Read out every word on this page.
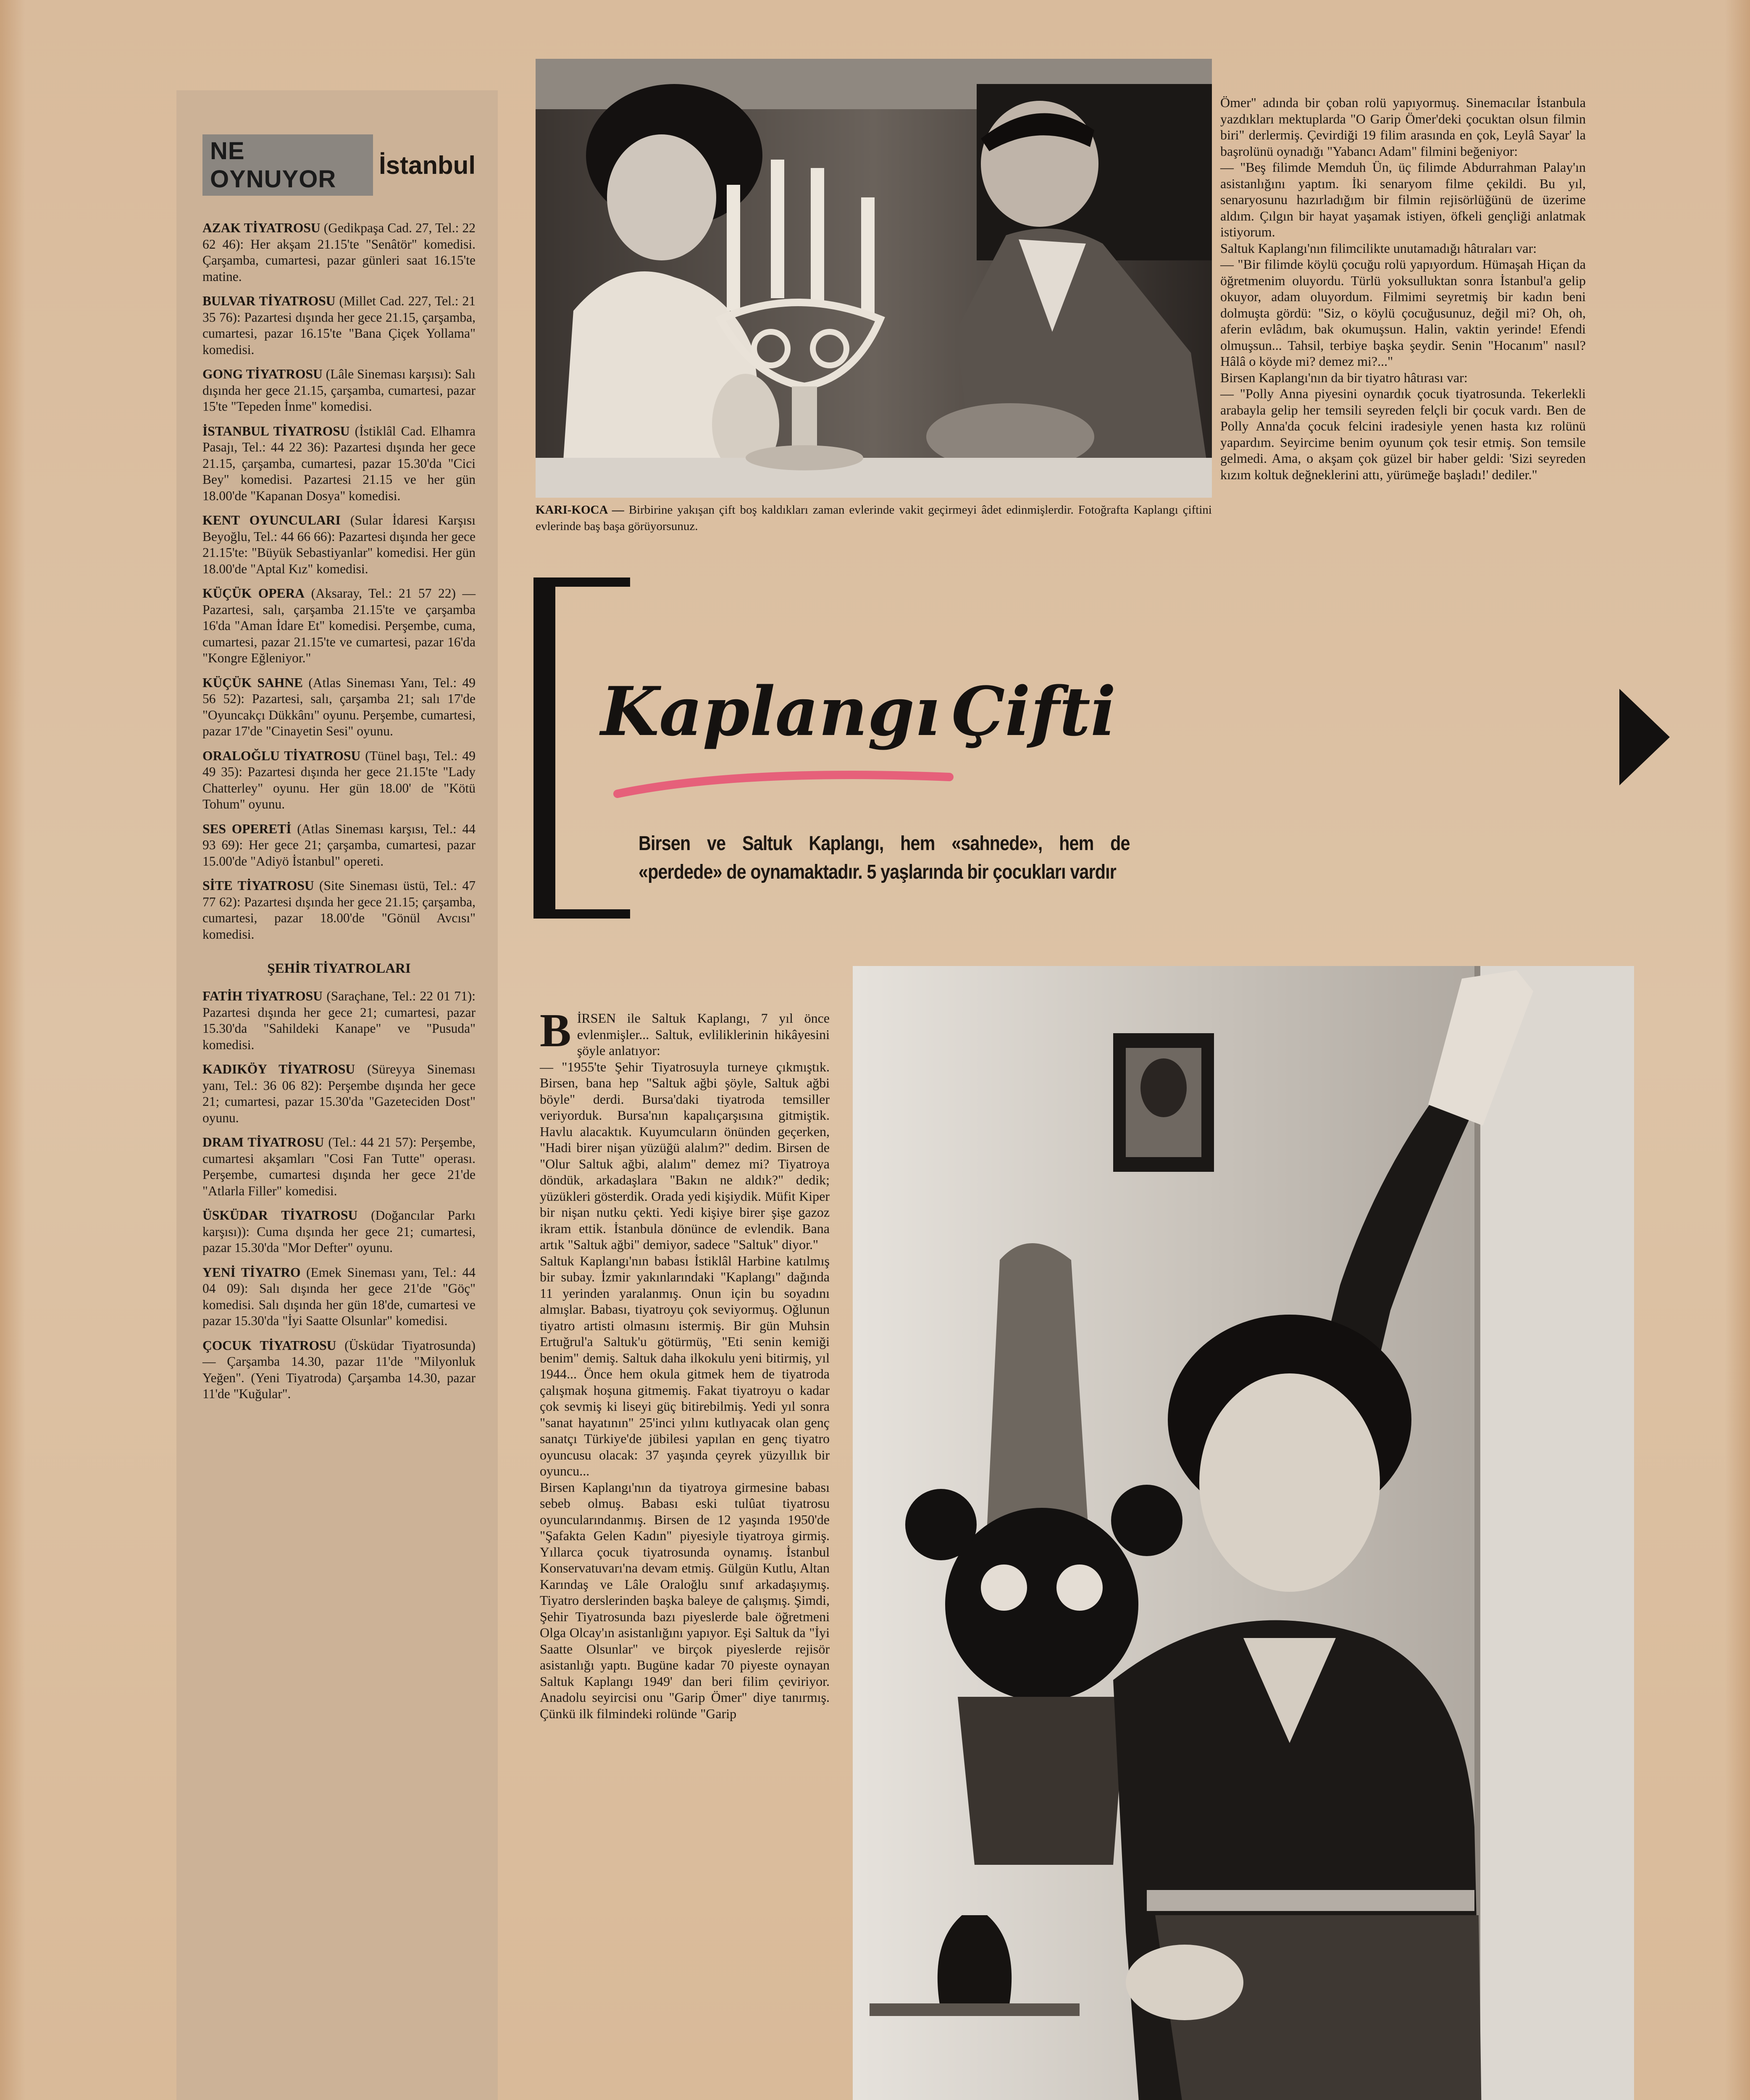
NE OYNUYOR	İstanbul

AZAK TİYATROSU (Gedikpaşa Cad. 27, Tel.: 22 62 46): Her akşam 21.15'te "Senâtör" komedisi. Çarşamba, cumartesi, pazar günleri saat 16.15'te matine.

BULVAR TİYATROSU (Millet Cad. 227, Tel.: 21 35 76): Pazartesi dışında her gece 21.15, çarşamba, cumartesi, pazar 16.15'te "Bana Çiçek Yollama" komedisi.

GONG TİYATROSU (Lâle Sineması karşısı): Salı dışında her gece 21.15, çarşamba, cumartesi, pazar 15'te "Tepeden İnme" komedisi.

İSTANBUL TİYATROSU (İstiklâl Cad. Elhamra Pasajı, Tel.: 44 22 36): Pazartesi dışında her gece 21.15, çarşamba, cumartesi, pazar 15.30'da "Cici Bey" komedisi. Pazartesi 21.15 ve her gün 18.00'de "Kapanan Dosya" komedisi.

KENT OYUNCULARI (Sular İdaresi Karşısı Beyoğlu, Tel.: 44 66 66): Pazartesi dışında her gece 21.15'te: "Büyük Sebastiyanlar" komedisi. Her gün 18.00'de "Aptal Kız" komedisi.

KÜÇÜK OPERA (Aksaray, Tel.: 21 57 22) — Pazartesi, salı, çarşamba 21.15'te ve çarşamba 16'da "Aman İdare Et" komedisi. Perşembe, cuma, cumartesi, pazar 21.15'te ve cumartesi, pazar 16'da "Kongre Eğleniyor."

KÜÇÜK SAHNE (Atlas Sineması Yanı, Tel.: 49 56 52): Pazartesi, salı, çarşamba 21; salı 17'de "Oyuncakçı Dükkânı" oyunu. Perşembe, cumartesi, pazar 17'de "Cinayetin Sesi" oyunu.

ORALOĞLU TİYATROSU (Tünel başı, Tel.: 49 49 35): Pazartesi dışında her gece 21.15'te "Lady Chatterley" oyunu. Her gün 18.00' de "Kötü Tohum" oyunu.

SES OPERETİ (Atlas Sineması karşısı, Tel.: 44 93 69): Her gece 21; çarşamba, cumartesi, pazar 15.00'de "Adiyö İstanbul" opereti.

SİTE TİYATROSU (Site Sineması üstü, Tel.: 47 77 62): Pazartesi dışında her gece 21.15; çarşamba, cumartesi, pazar 18.00'de "Gönül Avcısı" komedisi.

ŞEHİR TİYATROLARI

FATİH TİYATROSU (Saraçhane, Tel.: 22 01 71): Pazartesi dışında her gece 21; cumartesi, pazar 15.30'da "Sahildeki Kanape" ve "Pusuda" komedisi.

KADIKÖY TİYATROSU (Süreyya Sineması yanı, Tel.: 36 06 82): Perşembe dışında her gece 21; cumartesi, pazar 15.30'da "Gazeteciden Dost" oyunu.

DRAM TİYATROSU (Tel.: 44 21 57): Perşembe, cumartesi akşamları "Cosi Fan Tutte" operası. Perşembe, cumartesi dışında her gece 21'de "Atlarla Filler" komedisi.

ÜSKÜDAR TİYATROSU (Doğancılar Parkı karşısı)): Cuma dışında her gece 21; cumartesi, pazar 15.30'da "Mor Defter" oyunu.

YENİ TİYATRO (Emek Sineması yanı, Tel.: 44 04 09): Salı dışında her gece 21'de "Göç" komedisi. Salı dışında her gün 18'de, cumartesi ve pazar 15.30'da "İyi Saatte Olsunlar" komedisi.

ÇOCUK TİYATROSU (Üsküdar Tiyatrosunda) — Çarşamba 14.30, pazar 11'de "Milyonluk Yeğen". (Yeni Tiyatroda) Çarşamba 14.30, pazar 11'de "Kuğular".

KARI-KOCA — Birbirine yakışan çift boş kaldıkları zaman evlerinde vakit geçirmeyi âdet edinmişlerdir. Fotoğrafta Kaplangı çiftini evlerinde baş başa görüyorsunuz.
Kaplangı Çifti
Birsen ve Saltuk Kaplangı, hem «sahnede», hem de «perdede» de oynamaktadır. 5 yaşlarında bir çocukları vardır
Ömer" adında bir çoban rolü yapıyormuş. Sinemacılar İstanbula yazdıkları mektuplarda "O Garip Ömer'deki çocuktan olsun filmin biri" derlermiş. Çevirdiği 19 filim arasında en çok, Leylâ Sayar' la başrolünü oynadığı "Yabancı Adam" filmini beğeniyor:
— "Beş filimde Memduh Ün, üç filimde Abdurrahman Palay'ın asistanlığını yaptım. İki senaryom filme çekildi. Bu yıl, senaryosunu hazırladığım bir filmin rejisörlüğünü de üzerime aldım. Çılgın bir hayat yaşamak istiyen, öfkeli gençliği anlatmak istiyorum.
Saltuk Kaplangı'nın filimcilikte unutamadığı hâtıraları var:
— "Bir filimde köylü çocuğu rolü yapıyordum. Hümaşah Hiçan da öğretmenim oluyordu. Türlü yoksulluktan sonra İstanbul'a gelip okuyor, adam oluyordum. Filmimi seyretmiş bir kadın beni dolmuşta gördü: "Siz, o köylü çocuğusunuz, değil mi? Oh, oh, aferin evlâdım, bak okumuşsun. Halin, vaktin yerinde! Efendi olmuşsun... Tahsil, terbiye başka şeydir. Senin "Hocanım" nasıl? Hâlâ o köyde mi? demez mi?..."
Birsen Kaplangı'nın da bir tiyatro hâtırası var:
— "Polly Anna piyesini oynardık çocuk tiyatrosunda. Tekerlekli arabayla gelip her temsili seyreden felçli bir çocuk vardı. Ben de Polly Anna'da çocuk felcini iradesiyle yenen hasta kız rolünü yapardım. Seyircime benim oyunum çok tesir etmiş. Son temsile gelmedi. Ama, o akşam çok güzel bir haber geldi: 'Sizi seyreden kızım koltuk değneklerini attı, yürümeğe başladı!' dediler."
BİRSEN ile Saltuk Kaplangı, 7 yıl önce evlenmişler... Saltuk, evliliklerinin hikâyesini şöyle anlatıyor:
— "1955'te Şehir Tiyatrosuyla turneye çıkmıştık. Birsen, bana hep "Saltuk ağbi şöyle, Saltuk ağbi böyle" derdi. Bursa'daki tiyatroda temsiller veriyorduk. Bursa'nın kapalıçarşısına gitmiştik. Havlu alacaktık. Kuyumcuların önünden geçerken, "Hadi birer nişan yüzüğü alalım?" dedim. Birsen de "Olur Saltuk ağbi, alalım" demez mi? Tiyatroya döndük, arkadaşlara "Bakın ne aldık?" dedik; yüzükleri gösterdik. Orada yedi kişiydik. Müfit Kiper bir nişan nutku çekti. Yedi kişiye birer şişe gazoz ikram ettik. İstanbula dönünce de evlendik. Bana artık "Saltuk ağbi" demiyor, sadece "Saltuk" diyor."
Saltuk Kaplangı'nın babası İstiklâl Harbine katılmış bir subay. İzmir yakınlarındaki "Kaplangı" dağında 11 yerinden yaralanmış. Onun için bu soyadını almışlar. Babası, tiyatroyu çok seviyormuş. Oğlunun tiyatro artisti olmasını istermiş. Bir gün Muhsin Ertuğrul'a Saltuk'u götürmüş, "Eti senin kemiği benim" demiş. Saltuk daha ilkokulu yeni bitirmiş, yıl 1944... Önce hem okula gitmek hem de tiyatroda çalışmak hoşuna gitmemiş. Fakat tiyatroyu o kadar çok sevmiş ki liseyi güç bitirebilmiş. Yedi yıl sonra "sanat hayatının" 25'inci yılını kutlıyacak olan genç sanatçı Türkiye'de jübilesi yapılan en genç tiyatro oyuncusu olacak: 37 yaşında çeyrek yüzyıllık bir oyuncu...
Birsen Kaplangı'nın da tiyatroya girmesine babası sebeb olmuş. Babası eski tulûat tiyatrosu oyuncularındanmış. Birsen de 12 yaşında 1950'de "Şafakta Gelen Kadın" piyesiyle tiyatroya girmiş. Yıllarca çocuk tiyatrosunda oynamış. İstanbul Konservatuvarı'na devam etmiş. Gülgün Kutlu, Altan Karındaş ve Lâle Oraloğlu sınıf arkadaşıymış. Tiyatro derslerinden başka baleye de çalışmış. Şimdi, Şehir Tiyatrosunda bazı piyeslerde bale öğretmeni Olga Olcay'ın asistanlığını yapıyor. Eşi Saltuk da "İyi Saatte Olsunlar" ve birçok piyeslerde rejisör asistanlığı yaptı. Bugüne kadar 70 piyeste oynayan Saltuk Kaplangı 1949' dan beri filim çeviriyor. Anadolu seyircisi onu "Garip Ömer" diye tanırmış. Çünkü ilk filmindeki rolünde "Garip
